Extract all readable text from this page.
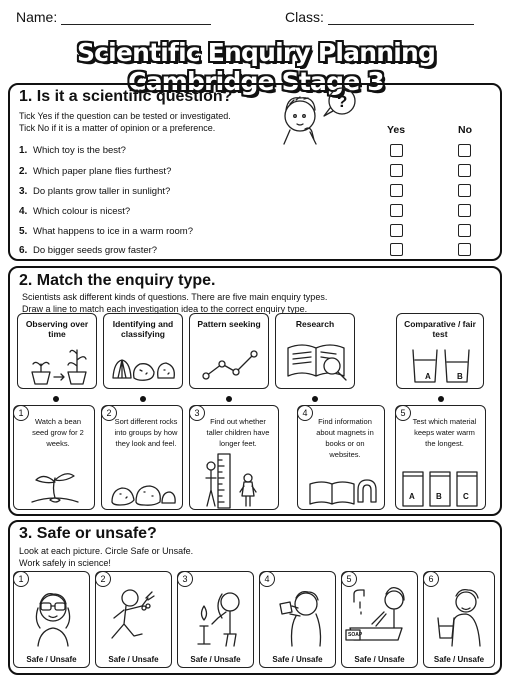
Name:	Class:
Scientific Enquiry Planning Cambridge Stage 3
1. Is it a scientific question?
Tick Yes if the question can be tested or investigated.
Tick No if it is a matter of opinion or a preference.
?
Yes	No
1. Which toy is the best?
2. Which paper plane flies furthest?
3. Do plants grow taller in sunlight?
4. Which colour is nicest?
5. What happens to ice in a warm room?
6. Do bigger seeds grow faster?
2. Match the enquiry type.
Scientists ask different kinds of questions. There are five main enquiry types.
Draw a line to match each investigation idea to the correct enquiry type.
Observing over time
Identifying and classifying
Pattern seeking	Research	Comparative / fair test
A	B
1
Watch a bean seed grow for 2 weeks.
2
Sort different rocks into groups by how they look and feel.
3
Find out whether taller children have longer feet.
4
Find information about magnets in books or on websites.
5
Test which material keeps water warm the longest.
A	B	C
3. Safe or unsafe?
Look at each picture. Circle Safe or Unsafe.
Work safely in science!
1
Safe / Unsafe
2
Safe / Unsafe
3
Safe / Unsafe
4
Safe / Unsafe
5
SOAP
Safe / Unsafe
6
Safe / Unsafe
